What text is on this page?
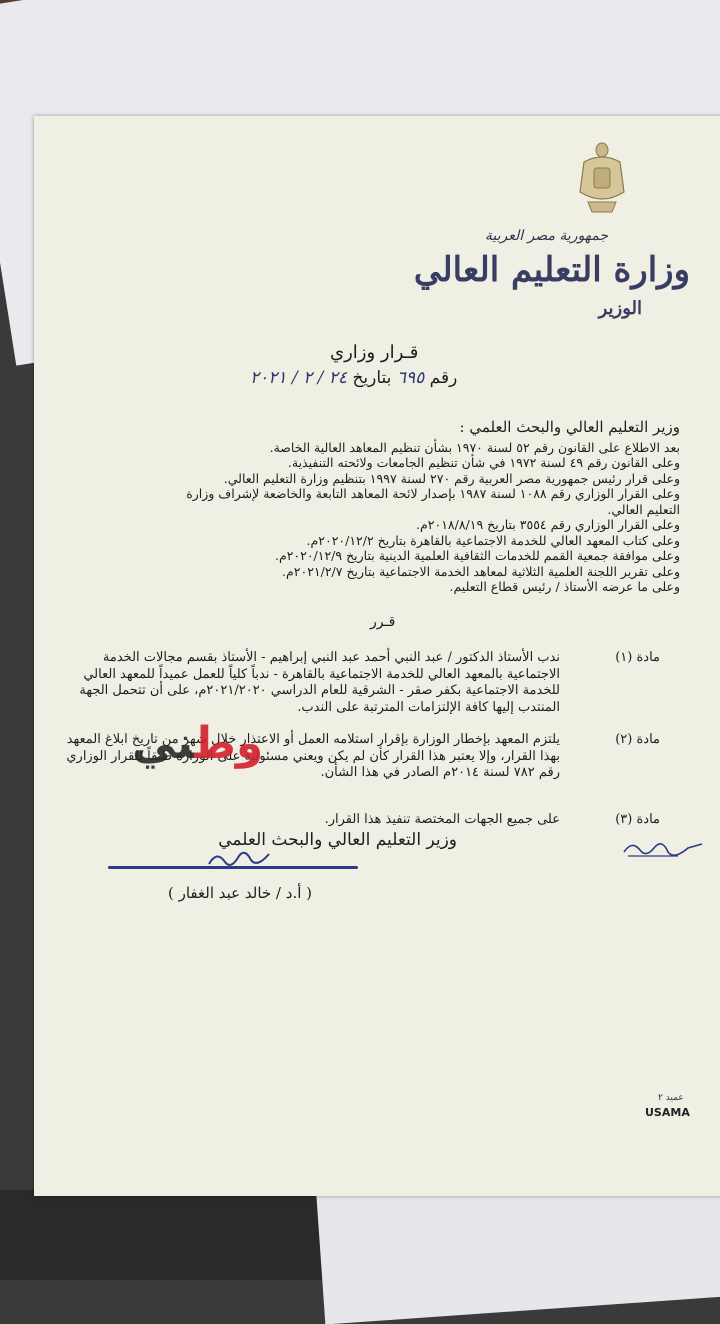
جمهورية مصر العربية
وزارة التعليم العالي
الوزير
قـرار وزاري
رقم ٦٩٥ بتاريخ ٢٤ / ٢ / ٢٠٢١
وزير التعليم العالي والبحث العلمي :
بعد الاطلاع على القانون رقم ٥٢ لسنة ١٩٧٠ بشأن تنظيم المعاهد العالية الخاصة.
وعلى القانون رقم ٤٩ لسنة ١٩٧٢ في شأن تنظيم الجامعات ولائحته التنفيذية.
وعلى قرار رئيس جمهورية مصر العربية رقم ٢٧٠ لسنة ١٩٩٧ بتنظيم وزارة التعليم العالي.
وعلى القرار الوزاري رقم ١٠٨٨ لسنة ١٩٨٧ بإصدار لائحة المعاهد التابعة والخاضعة لإشراف وزارة
التعليم العالي.
وعلى القرار الوزاري رقم ٣٥٥٤ بتاريخ ٢٠١٨/٨/١٩م.
وعلى كتاب المعهد العالي للخدمة الاجتماعية بالقاهرة بتاريخ ٢٠٢٠/١٢/٢م.
وعلى موافقة جمعية القمم للخدمات الثقافية العلمية الدينية بتاريخ ٢٠٢٠/١٢/٩م.
وعلى تقرير اللجنة العلمية الثلاثية لمعاهد الخدمة الاجتماعية بتاريخ ٢٠٢١/٢/٧م.
وعلى ما عرضه الأستاذ / رئيس قطاع التعليم.
قـرر
مادة (١)
ندب الأستاذ الدكتور / عبد النبي أحمد عبد النبي إبراهيم - الأستاذ بقسم مجالات الخدمة الاجتماعية بالمعهد العالي للخدمة الاجتماعية بالقاهرة - ندباً كلياً للعمل عميداً للمعهد العالي للخدمة الاجتماعية بكفر صقر - الشرقية للعام الدراسي ٢٠٢١/٢٠٢٠م، على أن تتحمل الجهة المنتدب إليها كافة الإلتزامات المترتبة على الندب.
مادة (٢)
يلتزم المعهد بإخطار الوزارة بإقرار استلامه العمل أو الاعتذار خلال شهر من تاريخ ابلاغ المعهد بهذا القرار، وإلا يعتبر هذا القرار كأن لم يكن ويعني مسئولية على الوزارة طبقاً للقرار الوزاري رقم ٧٨٢ لسنة ٢٠١٤م الصادر في هذا الشأن.
مادة (٣)
على جميع الجهات المختصة تنفيذ هذا القرار.
وطني
وزير التعليم العالي والبحث العلمي
( أ.د / خالد عبد الغفار )
عميد ٢
USAMA
